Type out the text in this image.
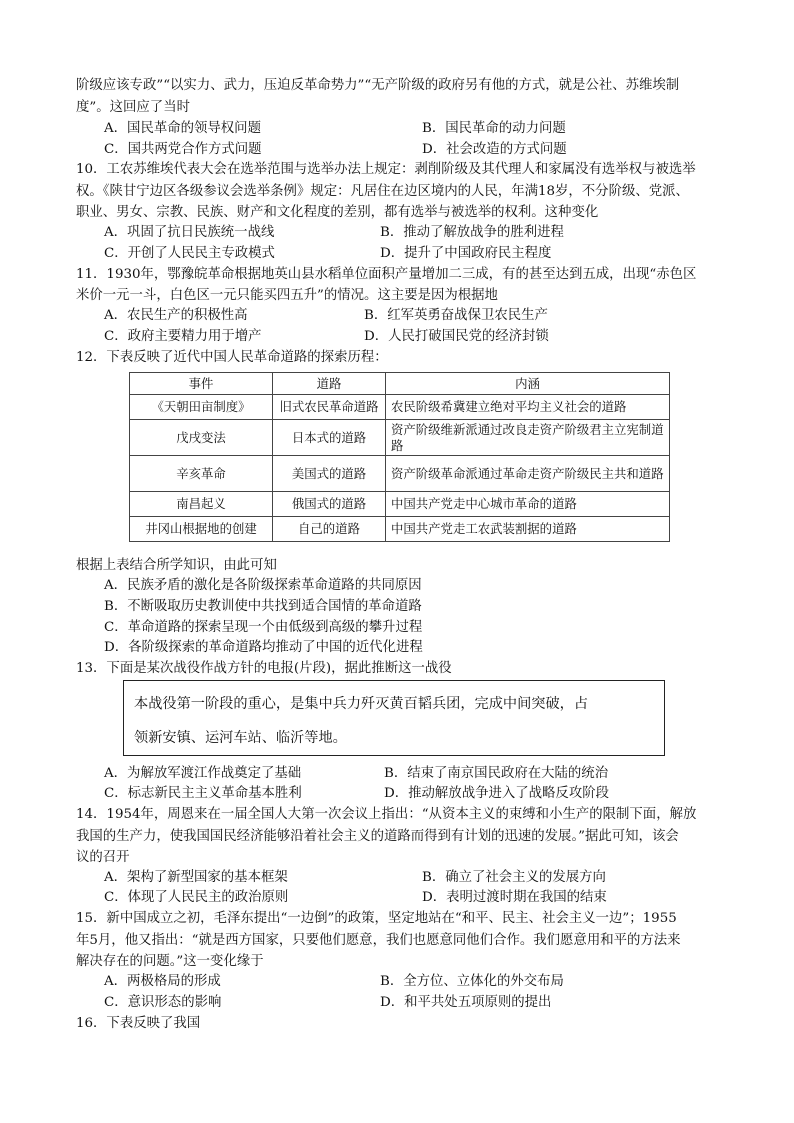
阶级应该专政”“以实力、武力，压迫反革命势力”“无产阶级的政府另有他的方式，就是公社、苏维埃制
度”。这回应了当时
A．国民革命的领导权问题	B．国民革命的动力问题
C．国共两党合作方式问题	D．社会改造的方式问题
10．工农苏维埃代表大会在选举范围与选举办法上规定：剥削阶级及其代理人和家属没有选举权与被选举
权。《陕甘宁边区各级参议会选举条例》规定：凡居住在边区境内的人民，年满18岁，不分阶级、党派、
职业、男女、宗教、民族、财产和文化程度的差别，都有选举与被选举的权利。这种变化
A．巩固了抗日民族统一战线	B．推动了解放战争的胜利进程
C．开创了人民民主专政模式	D．提升了中国政府民主程度
11．1930年，鄂豫皖革命根据地英山县水稻单位面积产量增加二三成，有的甚至达到五成，出现“赤色区
米价一元一斗，白色区一元只能买四五升”的情况。这主要是因为根据地
A．农民生产的积极性高	B．红军英勇奋战保卫农民生产
C．政府主要精力用于增产	D．人民打破国民党的经济封锁
12．下表反映了近代中国人民革命道路的探索历程：
事件	道路	内涵
《天朝田亩制度》	旧式农民革命道路	农民阶级希冀建立绝对平均主义社会的道路
戊戌变法	日本式的道路	资产阶级维新派通过改良走资产阶级君主立宪制道路
辛亥革命	美国式的道路	资产阶级革命派通过革命走资产阶级民主共和道路
南昌起义	俄国式的道路	中国共产党走中心城市革命的道路
井冈山根据地的创建	自己的道路	中国共产党走工农武装割据的道路
根据上表结合所学知识，由此可知
A．民族矛盾的激化是各阶级探索革命道路的共同原因
B．不断吸取历史教训使中共找到适合国情的革命道路
C．革命道路的探索呈现一个由低级到高级的攀升过程
D．各阶级探索的革命道路均推动了中国的近代化进程
13．下面是某次战役作战方针的电报(片段)，据此推断这一战役
本战役第一阶段的重心，是集中兵力歼灭黄百韬兵团，完成中间突破，占
领新安镇、运河车站、临沂等地。
A．为解放军渡江作战奠定了基础	B．结束了南京国民政府在大陆的统治
C．标志新民主主义革命基本胜利	D．推动解放战争进入了战略反攻阶段
14．1954年，周恩来在一届全国人大第一次会议上指出：“从资本主义的束缚和小生产的限制下面，解放
我国的生产力，使我国国民经济能够沿着社会主义的道路而得到有计划的迅速的发展。”据此可知，该会
议的召开
A．架构了新型国家的基本框架	B．确立了社会主义的发展方向
C．体现了人民民主的政治原则	D．表明过渡时期在我国的结束
15．新中国成立之初，毛泽东提出“一边倒”的政策，坚定地站在“和平、民主、社会主义一边”；1955
年5月，他又指出：“就是西方国家，只要他们愿意，我们也愿意同他们合作。我们愿意用和平的方法来
解决存在的问题。”这一变化缘于
A．两极格局的形成	B．全方位、立体化的外交布局
C．意识形态的影响	D．和平共处五项原则的提出
16．下表反映了我国
